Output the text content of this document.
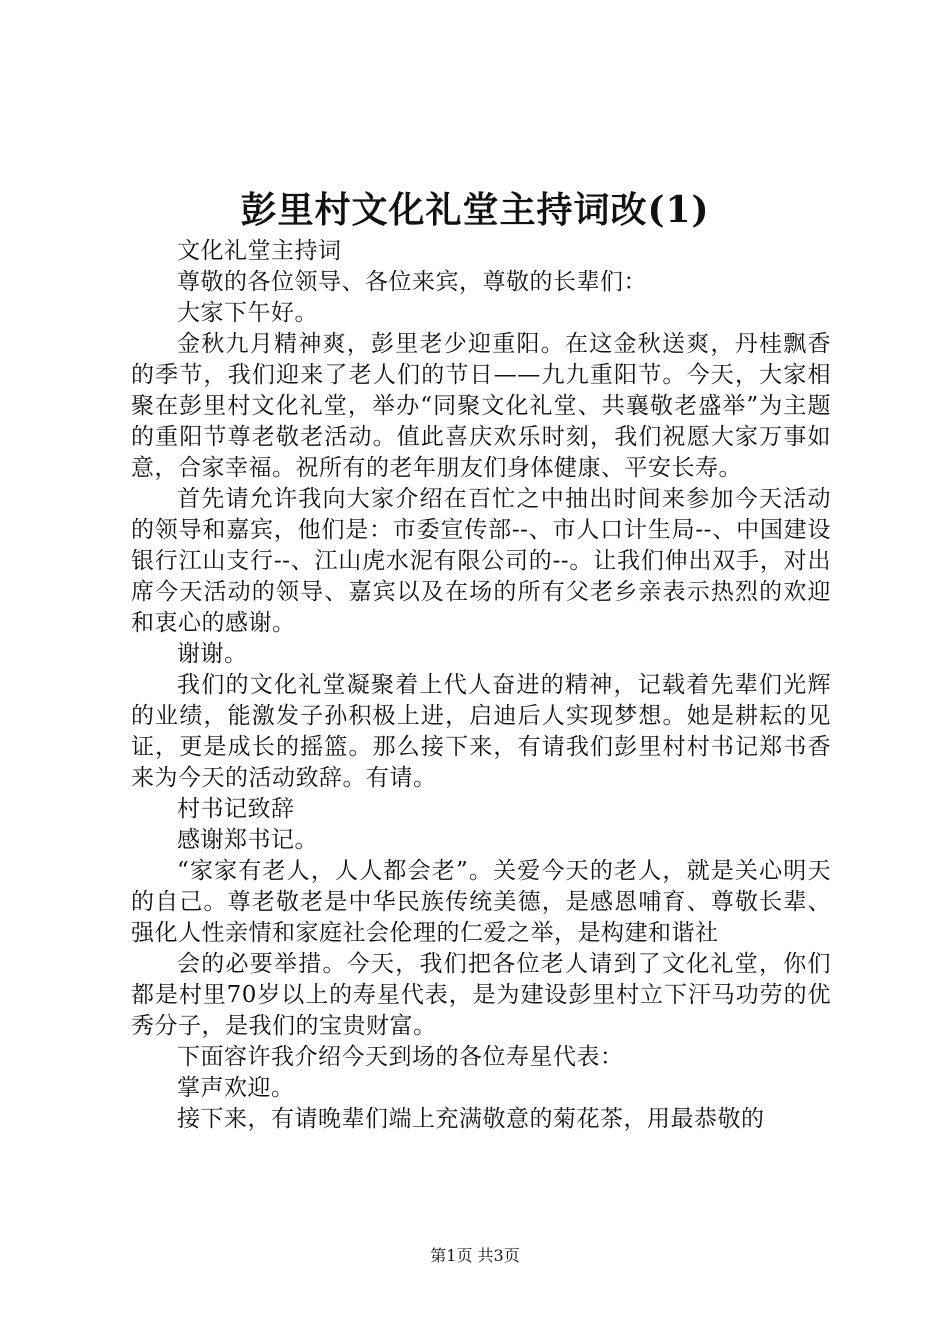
彭里村文化礼堂主持词改(1)

文化礼堂主持词

尊敬的各位领导、各位来宾，尊敬的长辈们：

大家下午好。

金秋九月精神爽，彭里老少迎重阳。在这金秋送爽，丹桂飘香的季节，我们迎来了老人们的节日——九九重阳节。今天，大家相聚在彭里村文化礼堂，举办“同聚文化礼堂、共襄敬老盛举”为主题的重阳节尊老敬老活动。值此喜庆欢乐时刻，我们祝愿大家万事如意，合家幸福。祝所有的老年朋友们身体健康、平安长寿。

首先请允许我向大家介绍在百忙之中抽出时间来参加今天活动的领导和嘉宾，他们是：市委宣传部--、市人口计生局--、中国建设银行江山支行--、江山虎水泥有限公司的--。让我们伸出双手，对出席今天活动的领导、嘉宾以及在场的所有父老乡亲表示热烈的欢迎和衷心的感谢。

谢谢。

我们的文化礼堂凝聚着上代人奋进的精神，记载着先辈们光辉的业绩，能激发子孙积极上进，启迪后人实现梦想。她是耕耘的见证，更是成长的摇篮。那么接下来，有请我们彭里村村书记郑书香来为今天的活动致辞。有请。

村书记致辞

感谢郑书记。

“家家有老人，人人都会老”。关爱今天的老人，就是关心明天的自己。尊老敬老是中华民族传统美德，是感恩哺育、尊敬长辈、强化人性亲情和家庭社会伦理的仁爱之举，是构建和谐社

会的必要举措。今天，我们把各位老人请到了文化礼堂，你们都是村里70岁以上的寿星代表，是为建设彭里村立下汗马功劳的优秀分子，是我们的宝贵财富。

下面容许我介绍今天到场的各位寿星代表：

掌声欢迎。

接下来，有请晚辈们端上充满敬意的菊花茶，用最恭敬的

第1页 共3页
